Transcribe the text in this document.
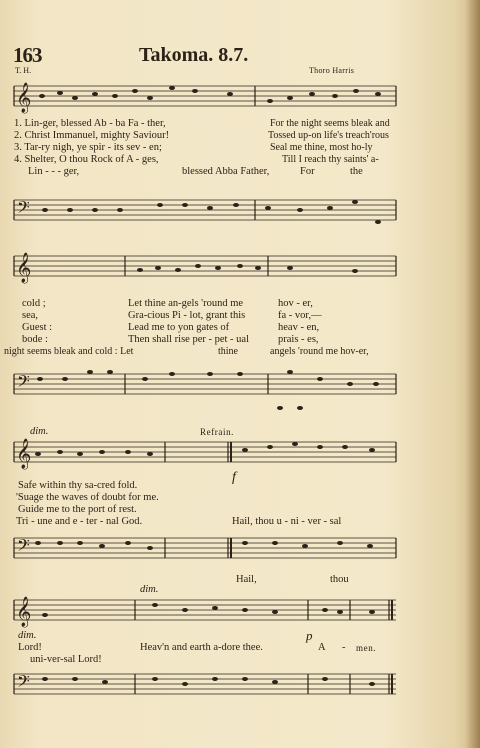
163	Takoma. 8.7.
T. H.	Thoro Harris
𝄞
1. Lin-ger, blessed Ab - ba Fa - ther,	For the night seems bleak and
2. Christ Immanuel, mighty Saviour!	Tossed up-on life's treach'rous
3. Tar-ry nigh, ye spir - its sev - en;	Seal me thine, most ho-ly
4. Shelter, O thou Rock of A - ges,	Till I reach thy saints' a-
Lin - - - ger,	blessed Abba Father,	For	the
𝄢
𝄞
cold ;	Let thine an-gels 'round me	hov - er,
sea,	Gra-cious Pi - lot, grant this	fa - vor,—
Guest :	Lead me to yon gates of	heav - en,
bode :	Then shall rise per - pet - ual	prais - es,
night seems bleak and cold : Let	thine	angels 'round me hov-er,
𝄢
dim.	Refrain.
𝄞
f
Safe within thy sa-cred fold.
'Suage the waves of doubt for me.
Guide me to the port of rest.
Tri - une and e - ter - nal God.	Hail, thou u - ni - ver - sal
𝄢
Hail,	thou
dim.
𝄞
dim.	p
Lord!	Heav'n and earth a-dore thee.	A - men.
uni-ver-sal Lord!
𝄢
